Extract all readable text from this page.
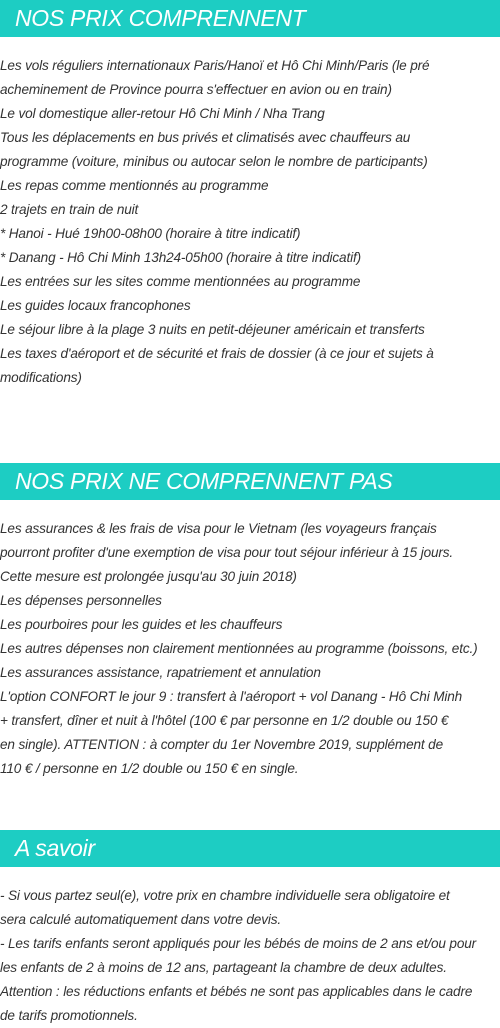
NOS PRIX COMPRENNENT
Les vols réguliers internationaux Paris/Hanoï et Hô Chi Minh/Paris (le pré
acheminement de Province pourra s'effectuer en avion ou en train)
Le vol domestique aller-retour Hô Chi Minh / Nha Trang
Tous les déplacements en bus privés et climatisés avec chauffeurs au
programme (voiture, minibus ou autocar selon le nombre de participants)
Les repas comme mentionnés au programme
2 trajets en train de nuit
* Hanoi - Hué 19h00-08h00 (horaire à titre indicatif)
* Danang - Hô Chi Minh 13h24-05h00 (horaire à titre indicatif)
Les entrées sur les sites comme mentionnées au programme
Les guides locaux francophones
Le séjour libre à la plage 3 nuits en petit-déjeuner américain et transferts
Les taxes d'aéroport et de sécurité et frais de dossier (à ce jour et sujets à
modifications)
NOS PRIX NE COMPRENNENT PAS
Les assurances & les frais de visa pour le Vietnam (les voyageurs français
pourront profiter d'une exemption de visa pour tout séjour inférieur à 15 jours.
Cette mesure est prolongée jusqu'au 30 juin 2018)
Les dépenses personnelles
Les pourboires pour les guides et les chauffeurs
Les autres dépenses non clairement mentionnées au programme (boissons, etc.)
Les assurances assistance, rapatriement et annulation
L'option CONFORT le jour 9 : transfert à l'aéroport + vol Danang - Hô Chi Minh
+ transfert, dîner et nuit à l'hôtel (100 € par personne en 1/2 double ou 150 €
en single). ATTENTION : à compter du 1er Novembre 2019, supplément de
110 € / personne en 1/2 double ou 150 € en single.
A savoir
- Si vous partez seul(e), votre prix en chambre individuelle sera obligatoire et
sera calculé automatiquement dans votre devis.
- Les tarifs enfants seront appliqués pour les bébés de moins de 2 ans et/ou pour
les enfants de 2 à moins de 12 ans, partageant la chambre de deux adultes.
Attention : les réductions enfants et bébés ne sont pas applicables dans le cadre
de tarifs promotionnels.
